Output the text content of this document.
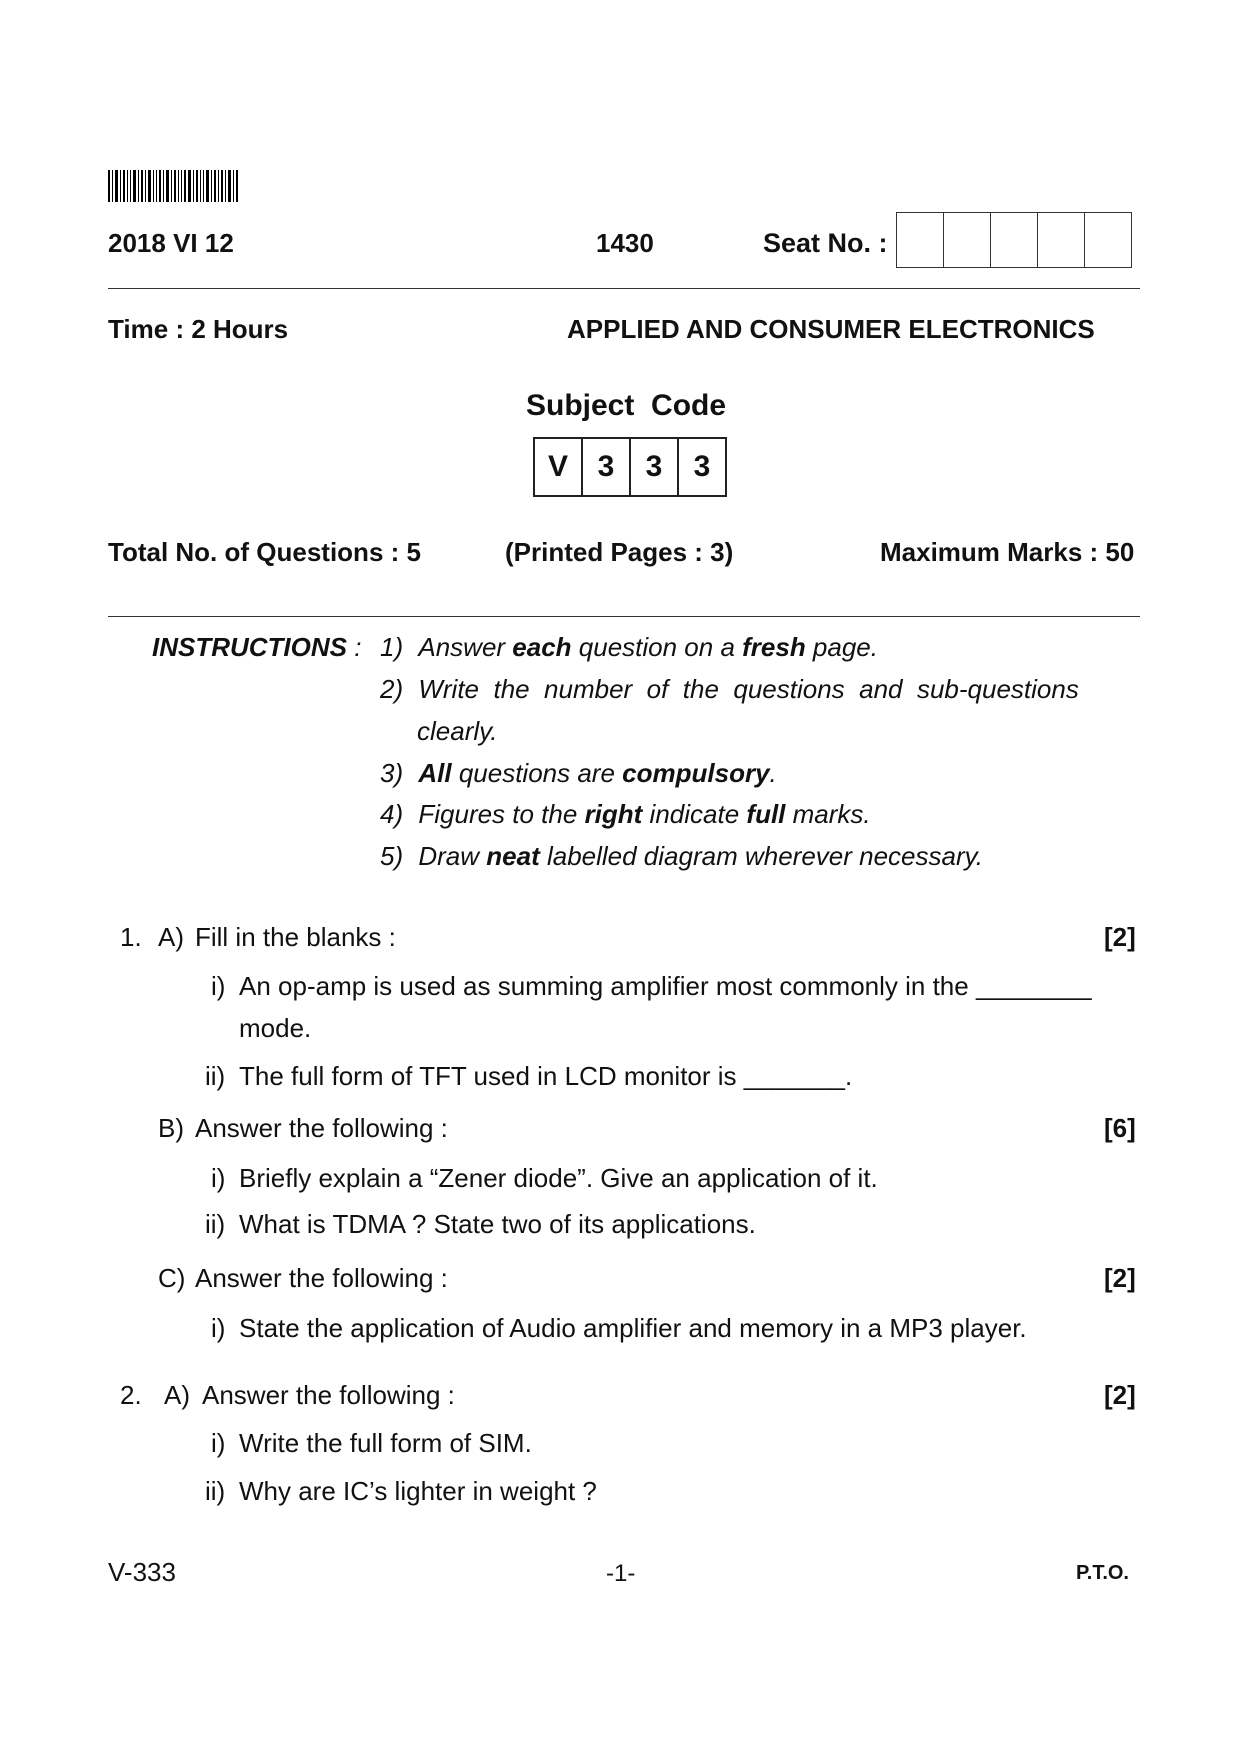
2018 VI 12	1430	Seat No. :
Time : 2 Hours	APPLIED AND CONSUMER ELECTRONICS
Subject  Code
V 3	3	3
Total No. of Questions : 5	(Printed Pages : 3)	Maximum Marks : 50
INSTRUCTIONS : 1) Answer each question on a fresh page.
2) Write  the  number  of  the  questions  and  sub-questions
clearly.
3) All questions are compulsory.
4) Figures to the right indicate full marks.
5) Draw neat labelled diagram wherever necessary.
1. A) Fill in the blanks :	[2]
i) An op-amp is used as summing amplifier most commonly in the ________
mode.
ii) The full form of TFT used in LCD monitor is _______.
B) Answer the following :	[6]
i) Briefly explain a “Zener diode”. Give an application of it.
ii) What is TDMA ? State two of its applications.
C) Answer the following :	[2]
i) State the application of Audio amplifier and memory in a MP3 player.
2. A) Answer the following :	[2]
i) Write the full form of SIM.
ii) Why are IC’s lighter in weight ?
V-333	-1-	P.T.O.
